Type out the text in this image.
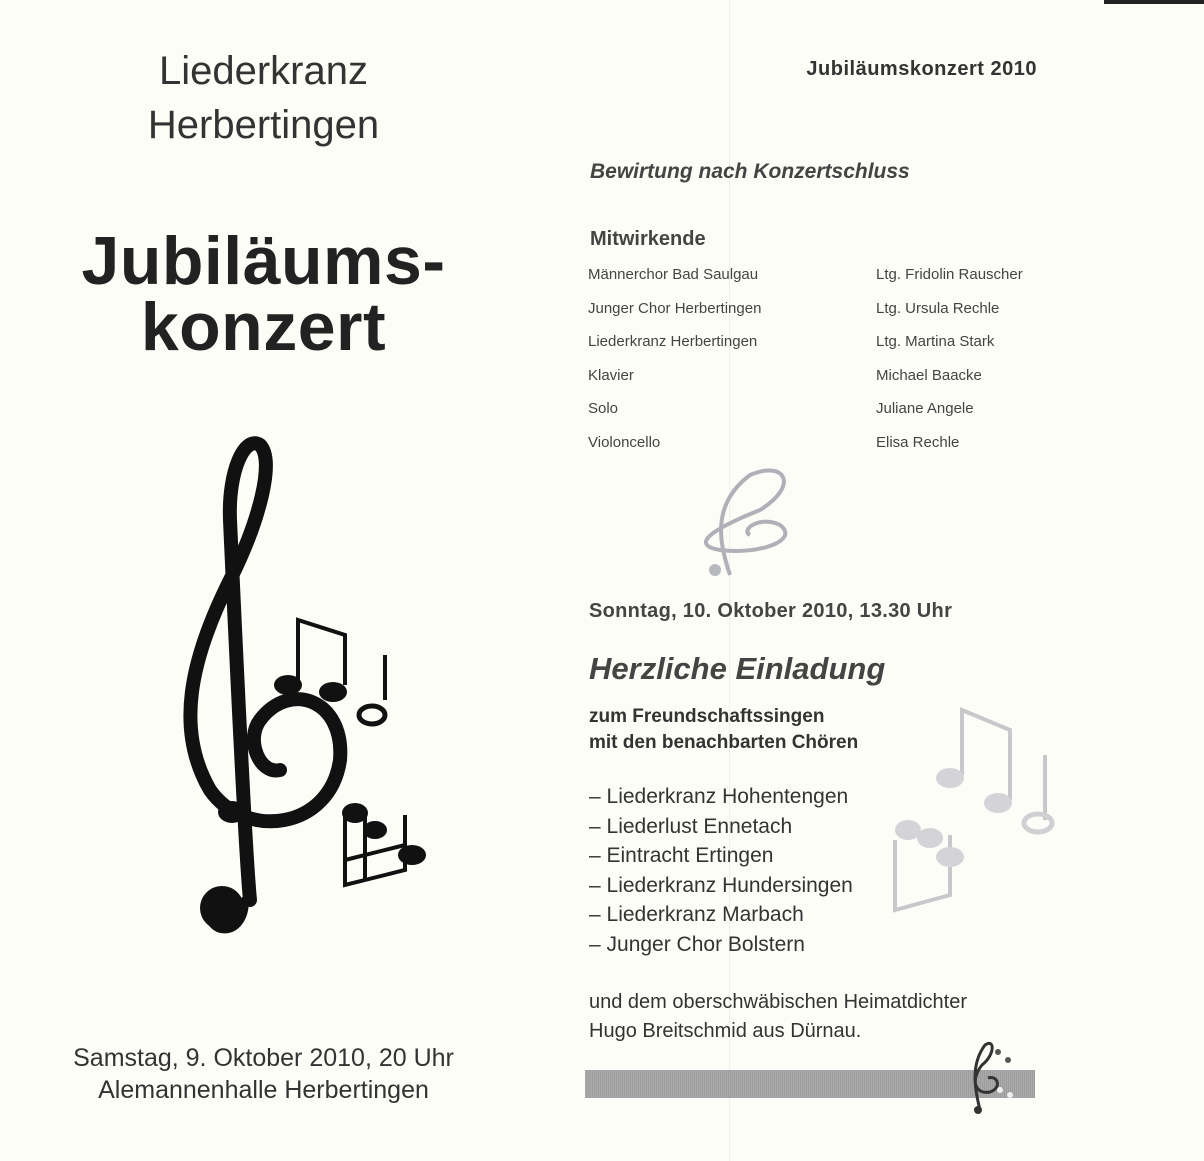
Liederkranz
Herbertingen
Jubiläums-
konzert
Samstag, 9. Oktober 2010, 20 Uhr
Alemannenhalle Herbertingen
Jubiläumskonzert 2010
Bewirtung nach Konzertschluss
Mitwirkende
Männerchor Bad Saulgau	Ltg. Fridolin Rauscher
Junger Chor Herbertingen	Ltg. Ursula Rechle
Liederkranz Herbertingen	Ltg. Martina Stark
Klavier	Michael Baacke
Solo	Juliane Angele
Violoncello	Elisa Rechle
Sonntag, 10. Oktober 2010, 13.30 Uhr
Herzliche Einladung
zum Freundschaftssingen
mit den benachbarten Chören
– Liederkranz Hohentengen
– Liederlust Ennetach
– Eintracht Ertingen
– Liederkranz Hundersingen
– Liederkranz Marbach
– Junger Chor Bolstern
und dem oberschwäbischen Heimatdichter
Hugo Breitschmid aus Dürnau.
